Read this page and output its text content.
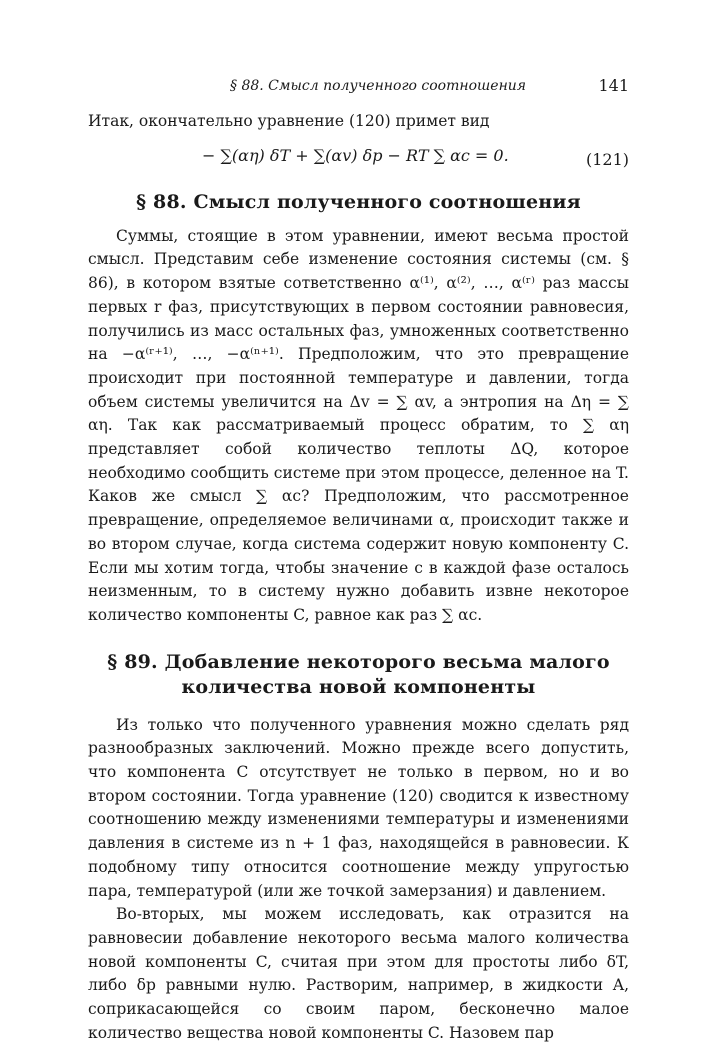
§ 88. Смысл полученного соотношения	141

Итак, окончательно уравнение (120) примет вид

− ∑(αη) δT + ∑(αv) δp − RT ∑ αc = 0.	(121)
§ 88. Смысл полученного соотношения

Суммы, стоящие в этом уравнении, имеют весьма простой смысл. Представим себе изменение состояния системы (см. § 86), в котором взятые сответственно α⁽¹⁾, α⁽²⁾, …, α⁽ʳ⁾ раз массы первых r фаз, присутствующих в первом состоянии равновесия, получились из масс остальных фаз, умноженных соответственно на −α⁽ʳ⁺¹⁾, …, −α⁽ⁿ⁺¹⁾. Предположим, что это превращение происходит при постоянной температуре и давлении, тогда объем системы увеличится на Δv = ∑ αv, а энтропия на Δη = ∑ αη. Так как рассматриваемый процесс обратим, то ∑ αη представляет собой количество теплоты ΔQ, которое необходимо сообщить системе при этом процессе, деленное на T. Каков же смысл ∑ αc? Предположим, что рассмотренное превращение, определяемое величинами α, происходит также и во втором случае, когда система содержит новую компоненту C. Если мы хотим тогда, чтобы значение c в каждой фазе осталось неизменным, то в систему нужно добавить извне некоторое количество компоненты C, равное как раз ∑ αc.

§ 89. Добавление некоторого весьма малого
количества новой компоненты

Из только что полученного уравнения можно сделать ряд разнообразных заключений. Можно прежде всего допустить, что компонента C отсутствует не только в первом, но и во втором состоянии. Тогда уравнение (120) сводится к известному соотношению между изменениями температуры и изменениями давления в системе из n + 1 фаз, находящейся в равновесии. К подобному типу относится соотношение между упругостью пара, температурой (или же точкой замерзания) и давлением.

Во-вторых, мы можем исследовать, как отразится на равновесии добавление некоторого весьма малого количества новой компоненты C, считая при этом для простоты либо δT, либо δp равными нулю. Растворим, например, в жидкости A, соприкасающейся со своим паром, бесконечно малое количество вещества новой компоненты C. Назовем пар
